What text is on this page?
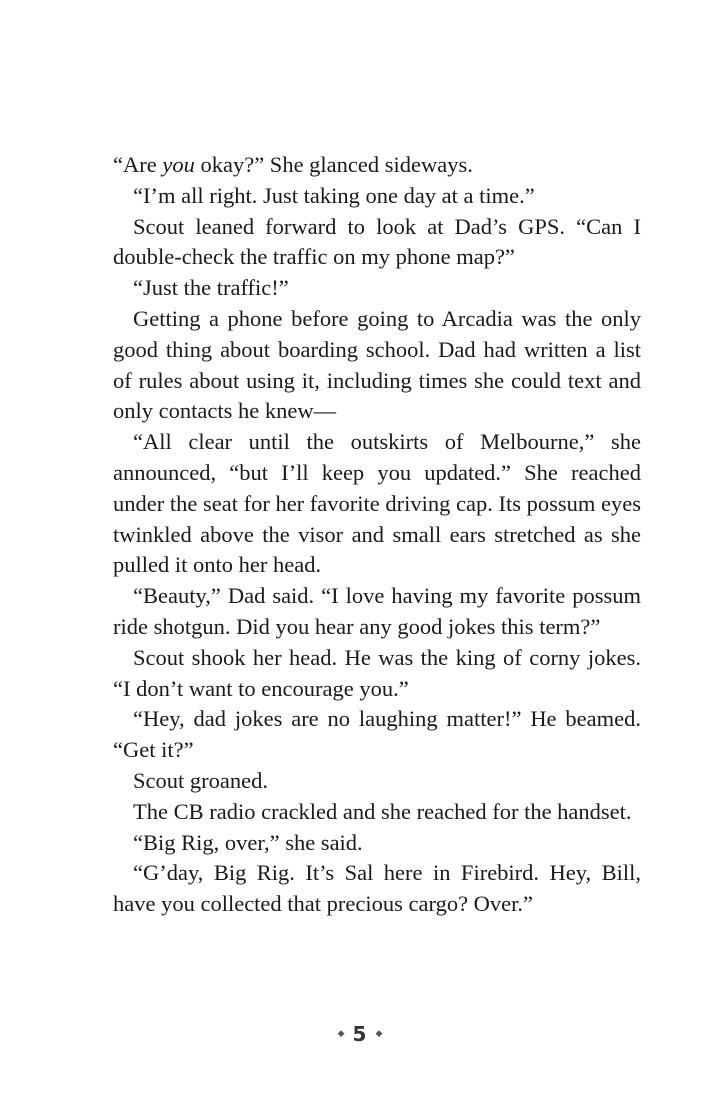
“Are you okay?” She glanced sideways.

“I’m all right. Just taking one day at a time.”

Scout leaned forward to look at Dad’s GPS. “Can I double-check the traffic on my phone map?”

“Just the traffic!”

Getting a phone before going to Arcadia was the only good thing about boarding school. Dad had written a list of rules about using it, including times she could text and only contacts he knew—

“All clear until the outskirts of Melbourne,” she announced, “but I’ll keep you updated.” She reached under the seat for her favorite driving cap. Its possum eyes twinkled above the visor and small ears stretched as she pulled it onto her head.

“Beauty,” Dad said. “I love having my favorite possum ride shotgun. Did you hear any good jokes this term?”

Scout shook her head. He was the king of corny jokes. “I don’t want to encourage you.”

“Hey, dad jokes are no laughing matter!” He beamed. “Get it?”

Scout groaned.

The CB radio crackled and she reached for the handset.

“Big Rig, over,” she said.

“G’day, Big Rig. It’s Sal here in Firebird. Hey, Bill, have you collected that precious cargo? Over.”

◆ 5 ◆
